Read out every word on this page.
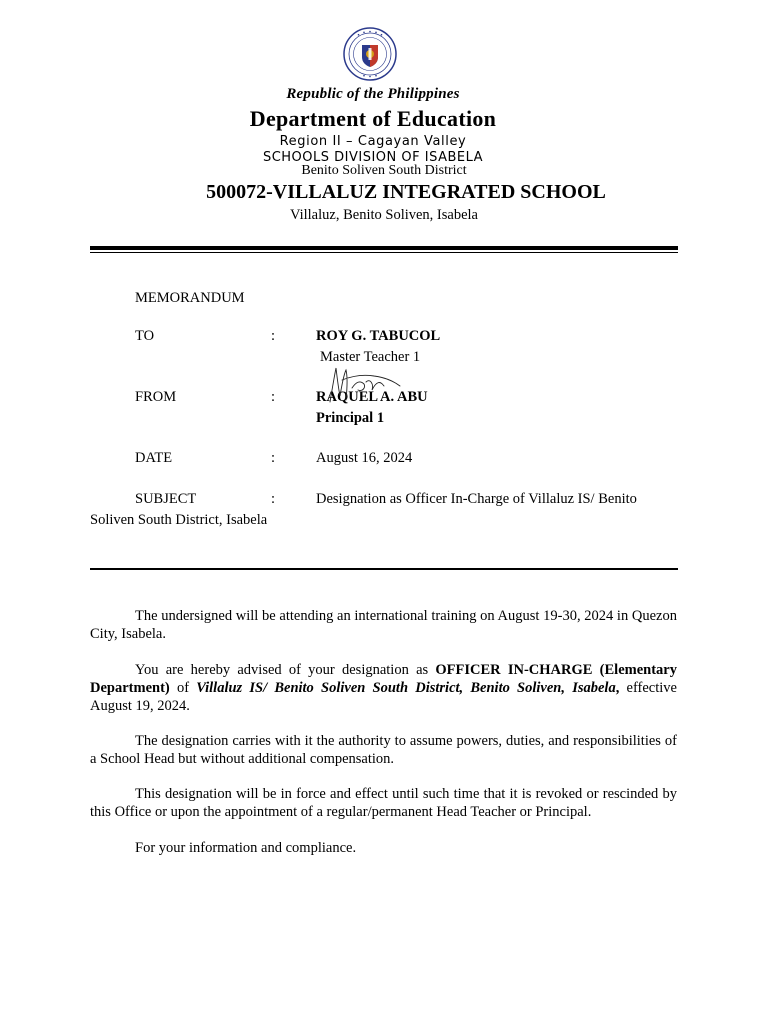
Republic of the Philippines
Department of Education
Region II – Cagayan Valley
SCHOOLS DIVISION OF ISABELA
Benito Soliven South District
500072-VILLALUZ INTEGRATED SCHOOL
Villaluz, Benito Soliven, Isabela
MEMORANDUM
TO	:	ROY G. TABUCOL
Master Teacher 1
FROM	:	RAQUEL A. ABU
Principal 1
DATE	:	August 16, 2024
SUBJECT	:	Designation as Officer In-Charge of Villaluz IS/ Benito
Soliven South District, Isabela
The undersigned will be attending an international training on August 19-30, 2024 in Quezon City, Isabela.
You are hereby advised of your designation as OFFICER IN-CHARGE (Elementary Department) of Villaluz IS/ Benito Soliven South District, Benito Soliven, Isabela, effective August 19, 2024.
The designation carries with it the authority to assume powers, duties, and responsibilities of a School Head but without additional compensation.
This designation will be in force and effect until such time that it is revoked or rescinded by this Office or upon the appointment of a regular/permanent Head Teacher or Principal.
For your information and compliance.
